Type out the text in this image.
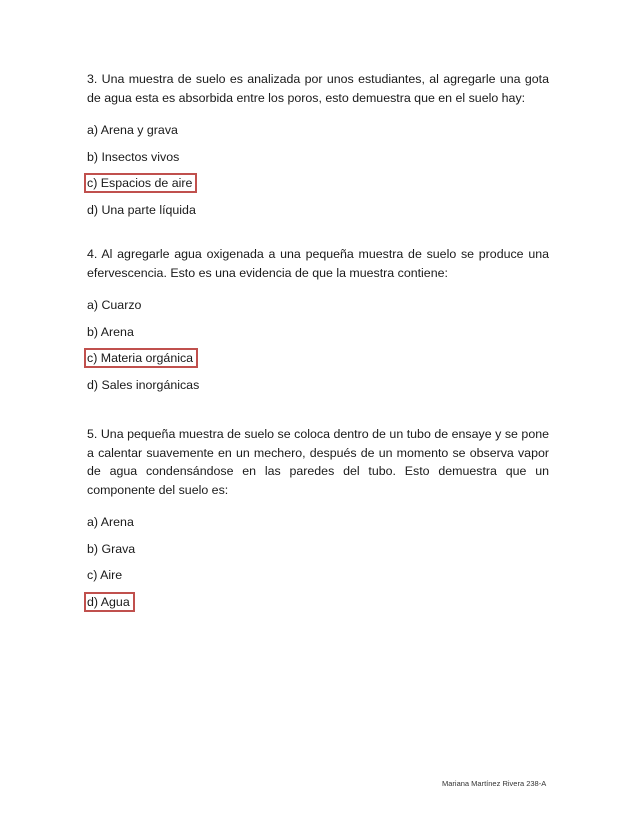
3. Una muestra de suelo es analizada por unos estudiantes, al agregarle una gota de agua esta es absorbida entre los poros, esto demuestra que en el suelo hay:

a) Arena y grava
b) Insectos vivos
c) Espacios de aire
d) Una parte líquida

4. Al agregarle agua oxigenada a una pequeña muestra de suelo se produce una efervescencia. Esto es una evidencia de que la muestra contiene:

a) Cuarzo
b) Arena
c) Materia orgánica
d) Sales inorgánicas

5. Una pequeña muestra de suelo se coloca dentro de un tubo de ensaye y se pone a calentar suavemente en un mechero, después de un momento se observa vapor de agua condensándose en las paredes del tubo. Esto demuestra que un componente del suelo es:

a) Arena
b) Grava
c) Aire
d) Agua
Mariana Martínez Rivera 238-A
